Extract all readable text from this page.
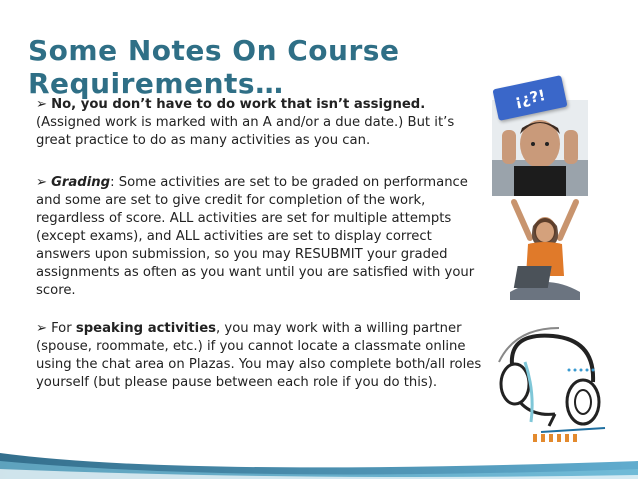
Some Notes On Course Requirements…
➢ No, you don’t have to do work that isn’t assigned. (Assigned work is marked with an A and/or a due date.) But it’s great practice to do as many activities as you can.
➢ Grading: Some activities are set to be graded on performance and some are set to give credit for completion of the work, regardless of score. ALL activities are set for multiple attempts (except exams), and ALL activities are set to display correct answers upon submission, so you may RESUBMIT your graded assignments as often as you want until you are satisfied with your score.
➢ For speaking activities, you may work with a willing partner (spouse, roommate, etc.) if you cannot locate a classmate online using the chat area on Plazas. You may also complete both/all roles yourself (but please pause between each role if you do this).
¡¿?!
